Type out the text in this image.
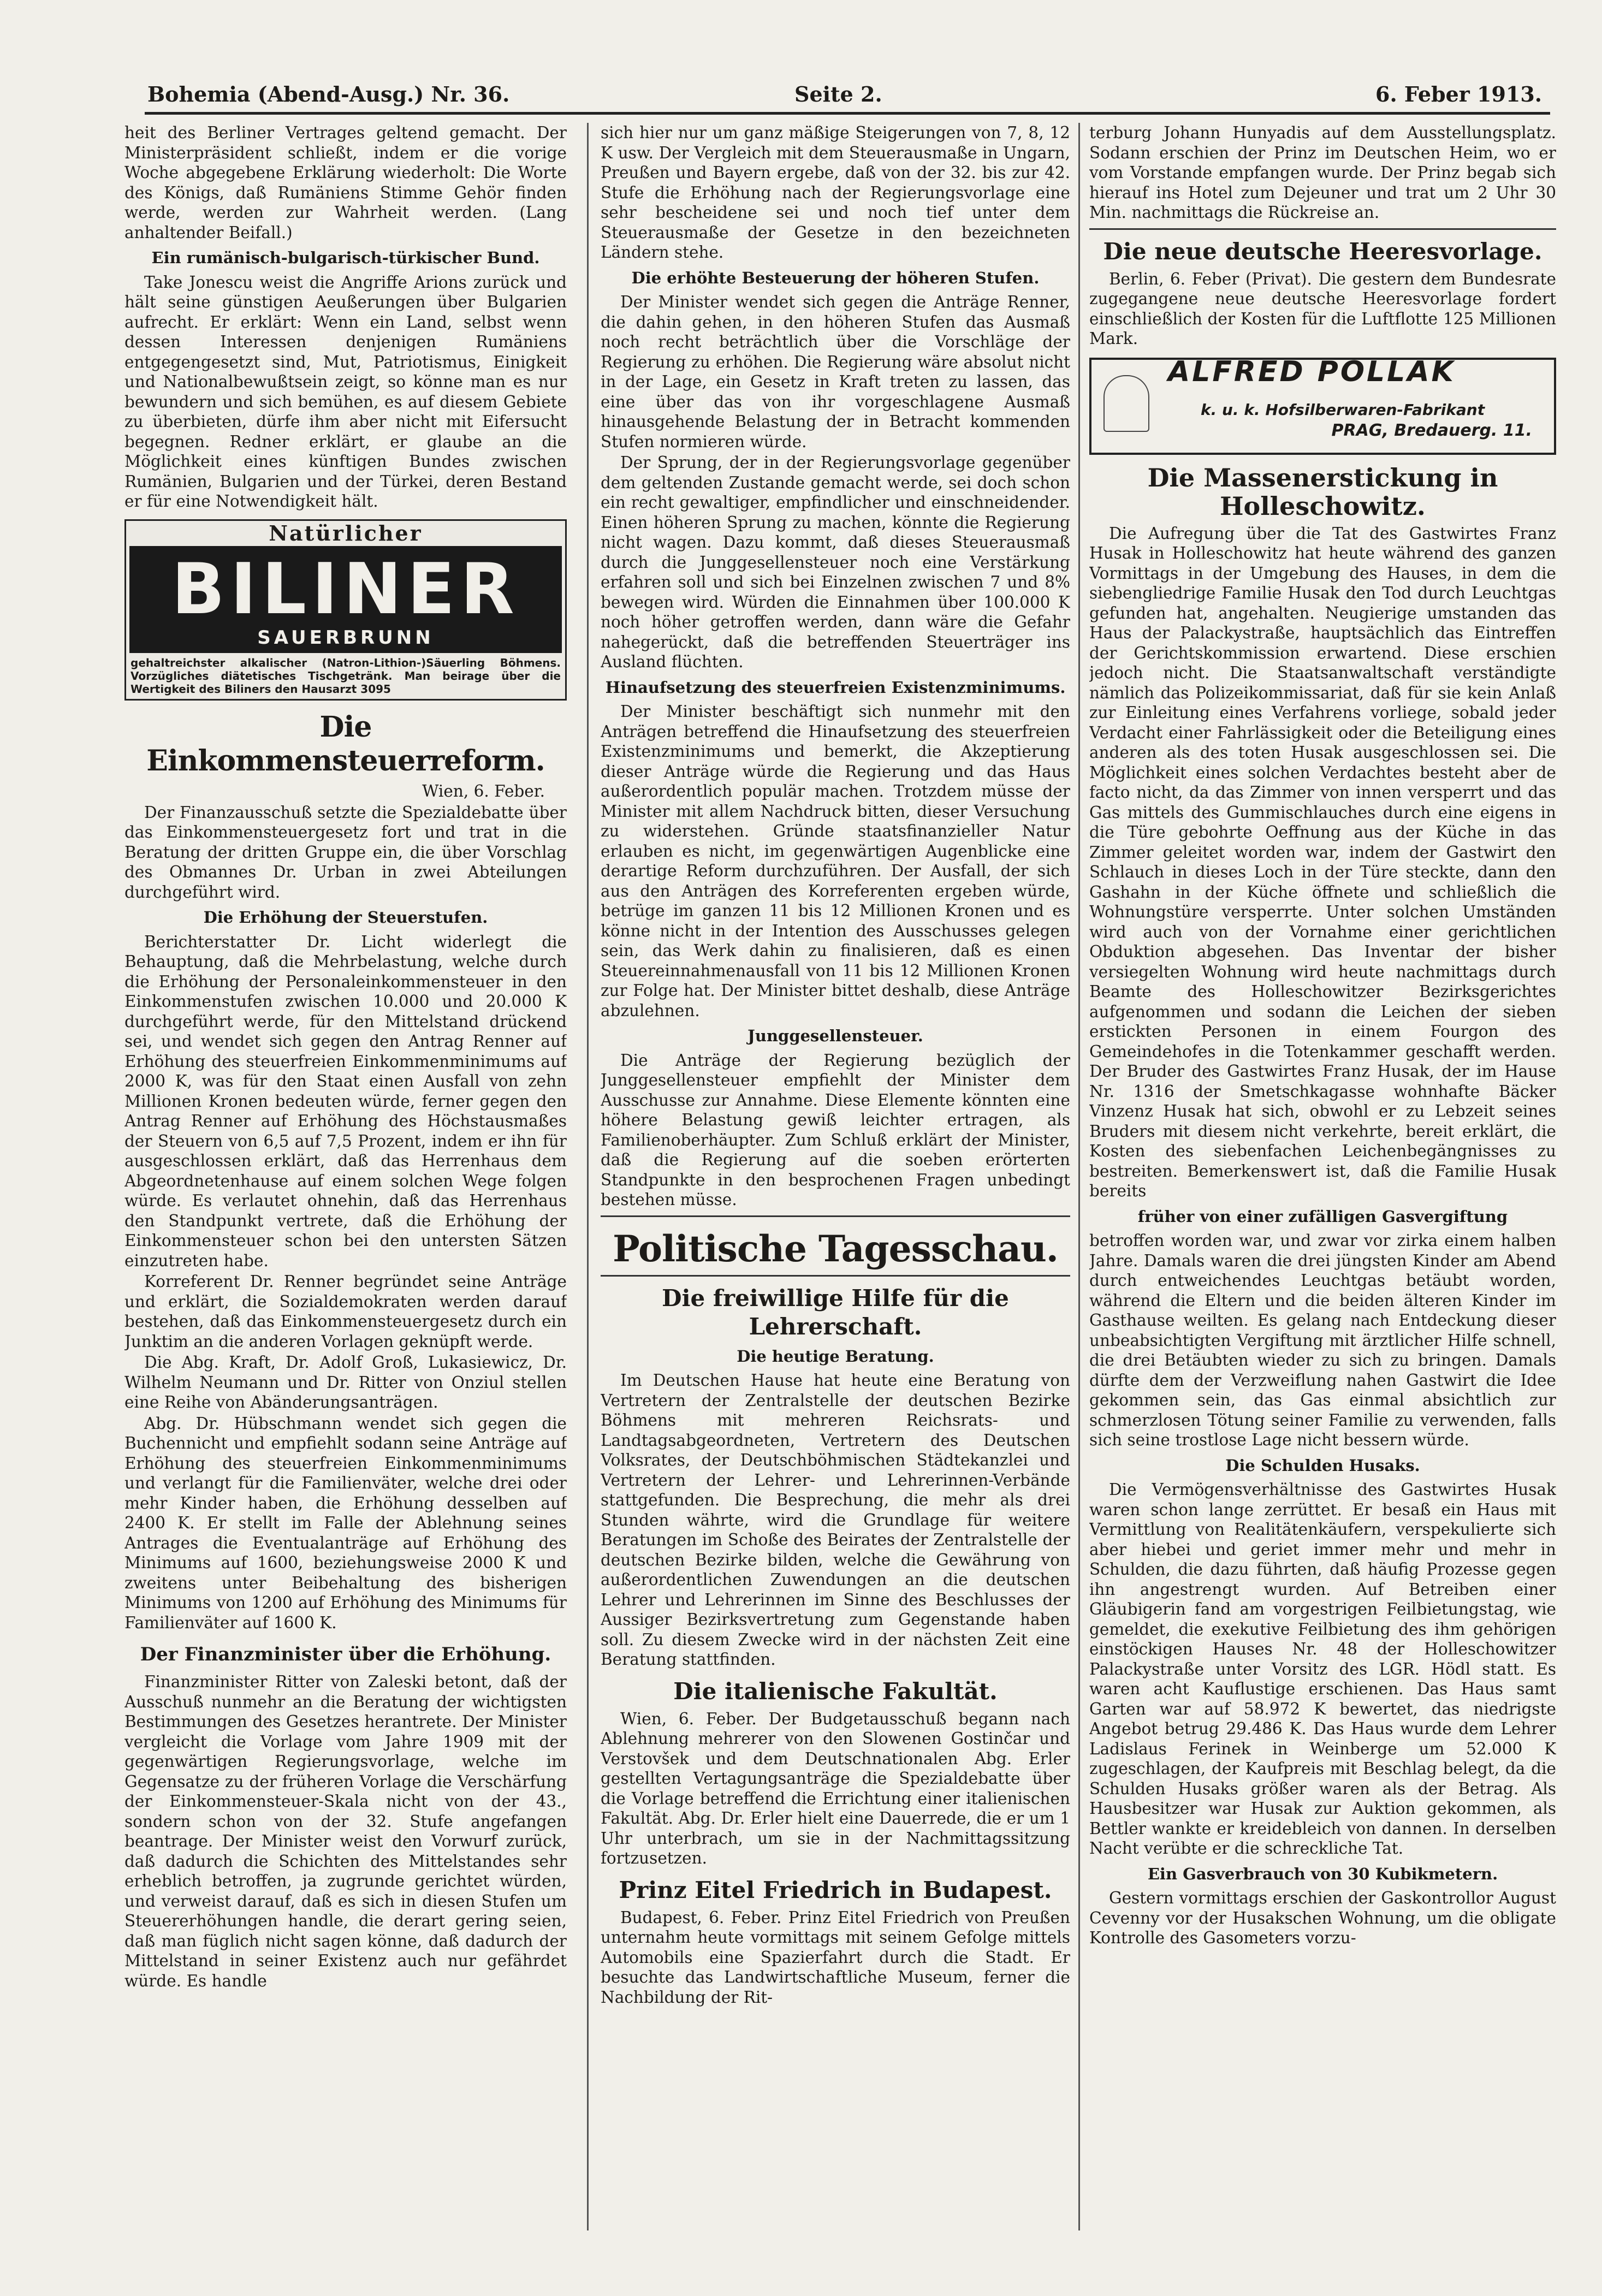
Bohemia (Abend-Ausg.) Nr. 36.	Seite 2.	6. Feber 1913.

heit des Berliner Vertrages geltend gemacht. Der Ministerpräsident schließt, indem er die vorige Woche abgegebene Erklärung wiederholt: Die Worte des Königs, daß Rumäniens Stimme Gehör finden werde, werden zur Wahrheit werden. (Lang anhaltender Beifall.)

Ein rumänisch-bulgarisch-türkischer Bund.

Take Jonescu weist die Angriffe Arions zurück und hält seine günstigen Aeußerungen über Bulgarien aufrecht. Er erklärt: Wenn ein Land, selbst wenn dessen Interessen denjenigen Rumäniens entgegengesetzt sind, Mut, Patriotismus, Einigkeit und Nationalbewußtsein zeigt, so könne man es nur bewundern und sich bemühen, es auf diesem Gebiete zu überbieten, dürfe ihm aber nicht mit Eifersucht begegnen. Redner erklärt, er glaube an die Möglichkeit eines künftigen Bundes zwischen Rumänien, Bulgarien und der Türkei, deren Bestand er für eine Notwendigkeit hält.

Natürlicher
BILINER
SAUERBRUNN
gehaltreichster alkalischer (Natron-Lithion-)Säuerling Böhmens. Vorzügliches diätetisches Tischgetränk. Man beirage über die Wertigkeit des Biliners den Hausarzt 3095
Die Einkommensteuerreform.

Wien, 6. Feber.

Der Finanzausschuß setzte die Spezialdebatte über das Einkommensteuergesetz fort und trat in die Beratung der dritten Gruppe ein, die über Vorschlag des Obmannes Dr. Urban in zwei Abteilungen durchgeführt wird.

Die Erhöhung der Steuerstufen.

Berichterstatter Dr. Licht widerlegt die Behauptung, daß die Mehrbelastung, welche durch die Erhöhung der Personaleinkommensteuer in den Einkommenstufen zwischen 10.000 und 20.000 K durchgeführt werde, für den Mittelstand drückend sei, und wendet sich gegen den Antrag Renner auf Erhöhung des steuerfreien Einkommenminimums auf 2000 K, was für den Staat einen Ausfall von zehn Millionen Kronen bedeuten würde, ferner gegen den Antrag Renner auf Erhöhung des Höchstausmaßes der Steuern von 6,5 auf 7,5 Prozent, indem er ihn für ausgeschlossen erklärt, daß das Herrenhaus dem Abgeordnetenhause auf einem solchen Wege folgen würde. Es verlautet ohnehin, daß das Herrenhaus den Standpunkt vertrete, daß die Erhöhung der Einkommensteuer schon bei den untersten Sätzen einzutreten habe.

Korreferent Dr. Renner begründet seine Anträge und erklärt, die Sozialdemokraten werden darauf bestehen, daß das Einkommensteuergesetz durch ein Junktim an die anderen Vorlagen geknüpft werde.

Die Abg. Kraft, Dr. Adolf Groß, Lukasiewicz, Dr. Wilhelm Neumann und Dr. Ritter von Onziul stellen eine Reihe von Abänderungsanträgen.

Abg. Dr. Hübschmann wendet sich gegen die Buchennicht und empfiehlt sodann seine Anträge auf Erhöhung des steuerfreien Einkommenminimums und verlangt für die Familienväter, welche drei oder mehr Kinder haben, die Erhöhung desselben auf 2400 K. Er stellt im Falle der Ablehnung seines Antrages die Eventualanträge auf Erhöhung des Minimums auf 1600, beziehungsweise 2000 K und zweitens unter Beibehaltung des bisherigen Minimums von 1200 auf Erhöhung des Minimums für Familienväter auf 1600 K.

Der Finanzminister über die Erhöhung.

Finanzminister Ritter von Zaleski betont, daß der Ausschuß nunmehr an die Beratung der wichtigsten Bestimmungen des Gesetzes herantrete. Der Minister vergleicht die Vorlage vom Jahre 1909 mit der gegenwärtigen Regierungsvorlage, welche im Gegensatze zu der früheren Vorlage die Verschärfung der Einkommensteuer-Skala nicht von der 43., sondern schon von der 32. Stufe angefangen beantrage. Der Minister weist den Vorwurf zurück, daß dadurch die Schichten des Mittelstandes sehr erheblich betroffen, ja zugrunde gerichtet würden, und verweist darauf, daß es sich in diesen Stufen um Steuererhöhungen handle, die derart gering seien, daß man füglich nicht sagen könne, daß dadurch der Mittelstand in seiner Existenz auch nur gefährdet würde. Es handle

sich hier nur um ganz mäßige Steigerungen von 7, 8, 12 K usw. Der Vergleich mit dem Steuerausmaße in Ungarn, Preußen und Bayern ergebe, daß von der 32. bis zur 42. Stufe die Erhöhung nach der Regierungsvorlage eine sehr bescheidene sei und noch tief unter dem Steuerausmaße der Gesetze in den bezeichneten Ländern stehe.

Die erhöhte Besteuerung der höheren Stufen.

Der Minister wendet sich gegen die Anträge Renner, die dahin gehen, in den höheren Stufen das Ausmaß noch recht beträchtlich über die Vorschläge der Regierung zu erhöhen. Die Regierung wäre absolut nicht in der Lage, ein Gesetz in Kraft treten zu lassen, das eine über das von ihr vorgeschlagene Ausmaß hinausgehende Belastung der in Betracht kommenden Stufen normieren würde.

Der Sprung, der in der Regierungsvorlage gegenüber dem geltenden Zustande gemacht werde, sei doch schon ein recht gewaltiger, empfindlicher und einschneidender. Einen höheren Sprung zu machen, könnte die Regierung nicht wagen. Dazu kommt, daß dieses Steuerausmaß durch die Junggesellensteuer noch eine Verstärkung erfahren soll und sich bei Einzelnen zwischen 7 und 8% bewegen wird. Würden die Einnahmen über 100.000 K noch höher getroffen werden, dann wäre die Gefahr nahegerückt, daß die betreffenden Steuerträger ins Ausland flüchten.

Hinaufsetzung des steuerfreien Existenzminimums.

Der Minister beschäftigt sich nunmehr mit den Anträgen betreffend die Hinaufsetzung des steuerfreien Existenzminimums und bemerkt, die Akzeptierung dieser Anträge würde die Regierung und das Haus außerordentlich populär machen. Trotzdem müsse der Minister mit allem Nachdruck bitten, dieser Versuchung zu widerstehen. Gründe staatsfinanzieller Natur erlauben es nicht, im gegenwärtigen Augenblicke eine derartige Reform durchzuführen. Der Ausfall, der sich aus den Anträgen des Korreferenten ergeben würde, betrüge im ganzen 11 bis 12 Millionen Kronen und es könne nicht in der Intention des Ausschusses gelegen sein, das Werk dahin zu finalisieren, daß es einen Steuereinnahmenausfall von 11 bis 12 Millionen Kronen zur Folge hat. Der Minister bittet deshalb, diese Anträge abzulehnen.

Junggesellensteuer.

Die Anträge der Regierung bezüglich der Junggesellensteuer empfiehlt der Minister dem Ausschusse zur Annahme. Diese Elemente könnten eine höhere Belastung gewiß leichter ertragen, als Familienoberhäupter. Zum Schluß erklärt der Minister, daß die Regierung auf die soeben erörterten Standpunkte in den besprochenen Fragen unbedingt bestehen müsse.

Politische Tagesschau.
Die freiwillige Hilfe für die Lehrerschaft.
Die heutige Beratung.

Im Deutschen Hause hat heute eine Beratung von Vertretern der Zentralstelle der deutschen Bezirke Böhmens mit mehreren Reichsrats- und Landtagsabgeordneten, Vertretern des Deutschen Volksrates, der Deutschböhmischen Städtekanzlei und Vertretern der Lehrer- und Lehrerinnen-Verbände stattgefunden. Die Besprechung, die mehr als drei Stunden währte, wird die Grundlage für weitere Beratungen im Schoße des Beirates der Zentralstelle der deutschen Bezirke bilden, welche die Gewährung von außerordentlichen Zuwendungen an die deutschen Lehrer und Lehrerinnen im Sinne des Beschlusses der Aussiger Bezirksvertretung zum Gegenstande haben soll. Zu diesem Zwecke wird in der nächsten Zeit eine Beratung stattfinden.

Die italienische Fakultät.

Wien, 6. Feber. Der Budgetausschuß begann nach Ablehnung mehrerer von den Slowenen Gostinčar und Verstovšek und dem Deutschnationalen Abg. Erler gestellten Vertagungsanträge die Spezialdebatte über die Vorlage betreffend die Errichtung einer italienischen Fakultät. Abg. Dr. Erler hielt eine Dauerrede, die er um 1 Uhr unterbrach, um sie in der Nachmittagssitzung fortzusetzen.

Prinz Eitel Friedrich in Budapest.

Budapest, 6. Feber. Prinz Eitel Friedrich von Preußen unternahm heute vormittags mit seinem Gefolge mittels Automobils eine Spazierfahrt durch die Stadt. Er besuchte das Landwirtschaftliche Museum, ferner die Nachbildung der Rit-

terburg Johann Hunyadis auf dem Ausstellungsplatz. Sodann erschien der Prinz im Deutschen Heim, wo er vom Vorstande empfangen wurde. Der Prinz begab sich hierauf ins Hotel zum Dejeuner und trat um 2 Uhr 30 Min. nachmittags die Rückreise an.

Die neue deutsche Heeresvorlage.

Berlin, 6. Feber (Privat). Die gestern dem Bundesrate zugegangene neue deutsche Heeresvorlage fordert einschließlich der Kosten für die Luftflotte 125 Millionen Mark.

ALFRED POLLAK
k. u. k. Hofsilberwaren-Fabrikant
PRAG, Bredauerg. 11.
Die Massenerstickung in Holleschowitz.

Die Aufregung über die Tat des Gastwirtes Franz Husak in Holleschowitz hat heute während des ganzen Vormittags in der Umgebung des Hauses, in dem die siebengliedrige Familie Husak den Tod durch Leuchtgas gefunden hat, angehalten. Neugierige umstanden das Haus der Palackystraße, hauptsächlich das Eintreffen der Gerichtskommission erwartend. Diese erschien jedoch nicht. Die Staatsanwaltschaft verständigte nämlich das Polizeikommissariat, daß für sie kein Anlaß zur Einleitung eines Verfahrens vorliege, sobald jeder Verdacht einer Fahrlässigkeit oder die Beteiligung eines anderen als des toten Husak ausgeschlossen sei. Die Möglichkeit eines solchen Verdachtes besteht aber de facto nicht, da das Zimmer von innen versperrt und das Gas mittels des Gummischlauches durch eine eigens in die Türe gebohrte Oeffnung aus der Küche in das Zimmer geleitet worden war, indem der Gastwirt den Schlauch in dieses Loch in der Türe steckte, dann den Gashahn in der Küche öffnete und schließlich die Wohnungstüre versperrte. Unter solchen Umständen wird auch von der Vornahme einer gerichtlichen Obduktion abgesehen. Das Inventar der bisher versiegelten Wohnung wird heute nachmittags durch Beamte des Holleschowitzer Bezirksgerichtes aufgenommen und sodann die Leichen der sieben erstickten Personen in einem Fourgon des Gemeindehofes in die Totenkammer geschafft werden. Der Bruder des Gastwirtes Franz Husak, der im Hause Nr. 1316 der Smetschkagasse wohnhafte Bäcker Vinzenz Husak hat sich, obwohl er zu Lebzeit seines Bruders mit diesem nicht verkehrte, bereit erklärt, die Kosten des siebenfachen Leichenbegängnisses zu bestreiten. Bemerkenswert ist, daß die Familie Husak bereits

früher von einer zufälligen Gasvergiftung

betroffen worden war, und zwar vor zirka einem halben Jahre. Damals waren die drei jüngsten Kinder am Abend durch entweichendes Leuchtgas betäubt worden, während die Eltern und die beiden älteren Kinder im Gasthause weilten. Es gelang nach Entdeckung dieser unbeabsichtigten Vergiftung mit ärztlicher Hilfe schnell, die drei Betäubten wieder zu sich zu bringen. Damals dürfte dem der Verzweiflung nahen Gastwirt die Idee gekommen sein, das Gas einmal absichtlich zur schmerzlosen Tötung seiner Familie zu verwenden, falls sich seine trostlose Lage nicht bessern würde.

Die Schulden Husaks.

Die Vermögensverhältnisse des Gastwirtes Husak waren schon lange zerrüttet. Er besaß ein Haus mit Vermittlung von Realitätenkäufern, verspekulierte sich aber hiebei und geriet immer mehr und mehr in Schulden, die dazu führten, daß häufig Prozesse gegen ihn angestrengt wurden. Auf Betreiben einer Gläubigerin fand am vorgestrigen Feilbietungstag, wie gemeldet, die exekutive Feilbietung des ihm gehörigen einstöckigen Hauses Nr. 48 der Holleschowitzer Palackystraße unter Vorsitz des LGR. Hödl statt. Es waren acht Kauflustige erschienen. Das Haus samt Garten war auf 58.972 K bewertet, das niedrigste Angebot betrug 29.486 K. Das Haus wurde dem Lehrer Ladislaus Ferinek in Weinberge um 52.000 K zugeschlagen, der Kaufpreis mit Beschlag belegt, da die Schulden Husaks größer waren als der Betrag. Als Hausbesitzer war Husak zur Auktion gekommen, als Bettler wankte er kreidebleich von dannen. In derselben Nacht verübte er die schreckliche Tat.

Ein Gasverbrauch von 30 Kubikmetern.

Gestern vormittags erschien der Gaskontrollor August Cevenny vor der Husakschen Wohnung, um die obligate Kontrolle des Gasometers vorzu-
